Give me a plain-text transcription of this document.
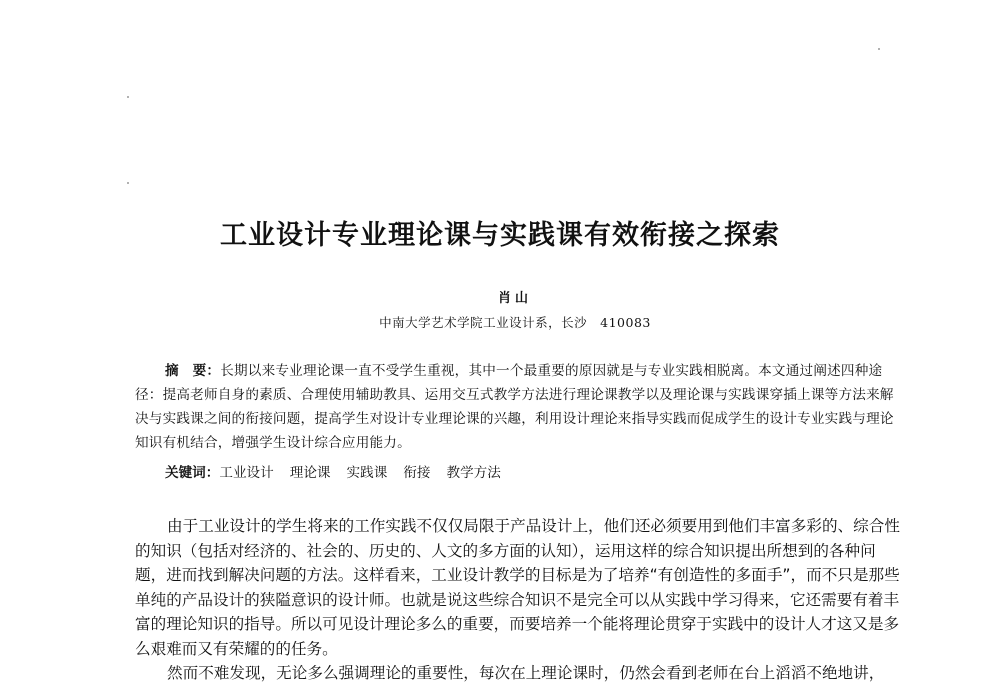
工业设计专业理论课与实践课有效衔接之探索
肖山
中南大学艺术学院工业设计系，长沙　410083

摘　要：长期以来专业理论课一直不受学生重视，其中一个最重要的原因就是与专业实践相脱离。本文通过阐述四种途径：提高老师自身的素质、合理使用辅助教具、运用交互式教学方法进行理论课教学以及理论课与实践课穿插上课等方法来解决与实践课之间的衔接问题，提高学生对设计专业理论课的兴趣，利用设计理论来指导实践而促成学生的设计专业实践与理论知识有机结合，增强学生设计综合应用能力。

关键词：工业设计 理论课 实践课 衔接 教学方法

由于工业设计的学生将来的工作实践不仅仅局限于产品设计上，他们还必须要用到他们丰富多彩的、综合性的知识（包括对经济的、社会的、历史的、人文的多方面的认知），运用这样的综合知识提出所想到的各种问题，进而找到解决问题的方法。这样看来，工业设计教学的目标是为了培养“有创造性的多面手”，而不只是那些单纯的产品设计的狭隘意识的设计师。也就是说这些综合知识不是完全可以从实践中学习得来，它还需要有着丰富的理论知识的指导。所以可见设计理论多么的重要，而要培养一个能将理论贯穿于实践中的设计人才这又是多么艰难而又有荣耀的的任务。
然而不难发现，无论多么强调理论的重要性，每次在上理论课时，仍然会看到老师在台上滔滔不绝地讲，
